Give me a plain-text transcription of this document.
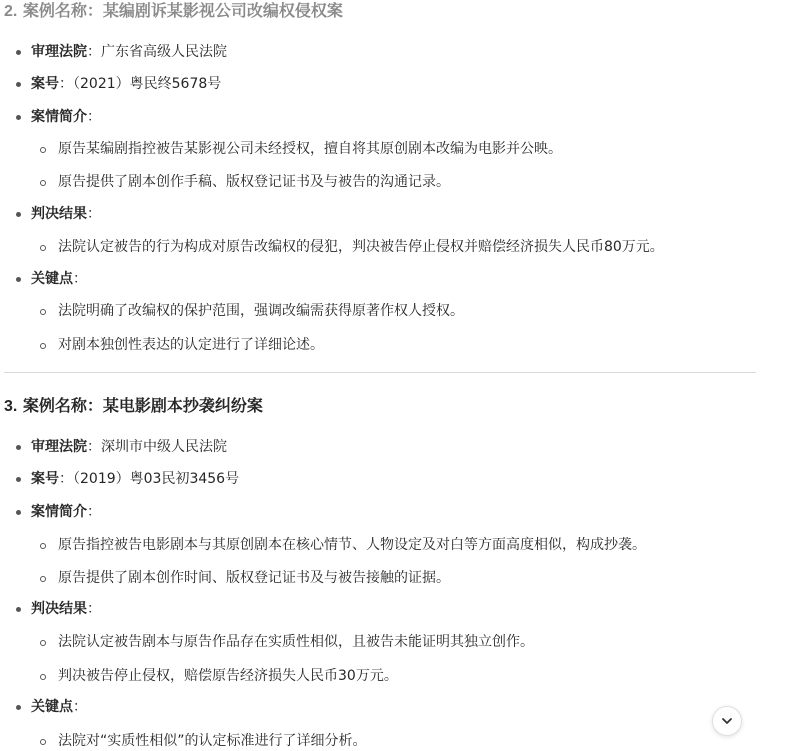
2. 案例名称：某编剧诉某影视公司改编权侵权案
审理法院：广东省高级人民法院
案号：（2021）粤民终5678号
案情简介：
原告某编剧指控被告某影视公司未经授权，擅自将其原创剧本改编为电影并公映。
原告提供了剧本创作手稿、版权登记证书及与被告的沟通记录。
判决结果：
法院认定被告的行为构成对原告改编权的侵犯，判决被告停止侵权并赔偿经济损失人民币80万元。
关键点：
法院明确了改编权的保护范围，强调改编需获得原著作权人授权。
对剧本独创性表达的认定进行了详细论述。
3. 案例名称：某电影剧本抄袭纠纷案
审理法院：深圳市中级人民法院
案号：（2019）粤03民初3456号
案情简介：
原告指控被告电影剧本与其原创剧本在核心情节、人物设定及对白等方面高度相似，构成抄袭。
原告提供了剧本创作时间、版权登记证书及与被告接触的证据。
判决结果：
法院认定被告剧本与原告作品存在实质性相似，且被告未能证明其独立创作。
判决被告停止侵权，赔偿原告经济损失人民币30万元。
关键点：
法院对“实质性相似”的认定标准进行了详细分析。
